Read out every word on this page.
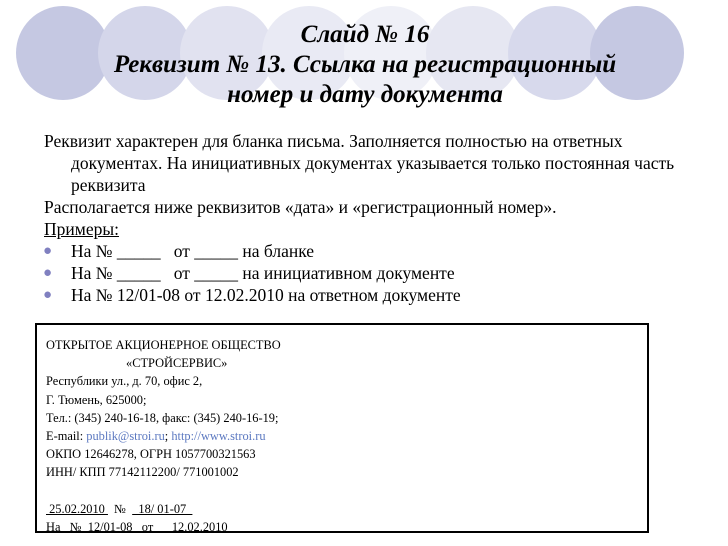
Слайд № 16
Реквизит № 13. Ссылка на регистрационный
номер и дату документа

Реквизит характерен для бланка письма. Заполняется полностью на ответных документах. На инициативных документах указывается только постоянная часть реквизита

Располагается ниже реквизитов «дата» и «регистрационный номер».

Примеры:

● На № _____   от _____ на бланке
● На № _____   от _____ на инициативном документе
● На № 12/01-08 от 12.02.2010 на ответном документе
ОТКРЫТОЕ АКЦИОНЕРНОЕ ОБЩЕСТВО
«СТРОЙСЕРВИС»
Республики ул., д. 70, офис 2,
Г. Тюмень, 625000;
Тел.: (345) 240-16-18, факс: (345) 240-16-19;
E-mail: publik@stroi.ru; http://www.stroi.ru
ОКПО 12646278, ОГРН 1057700321563
ИНН/ КПП 77142112200/ 771001002

25.02.2010   №    18/ 01-07
На   №  12/01-08   от      12.02.2010
